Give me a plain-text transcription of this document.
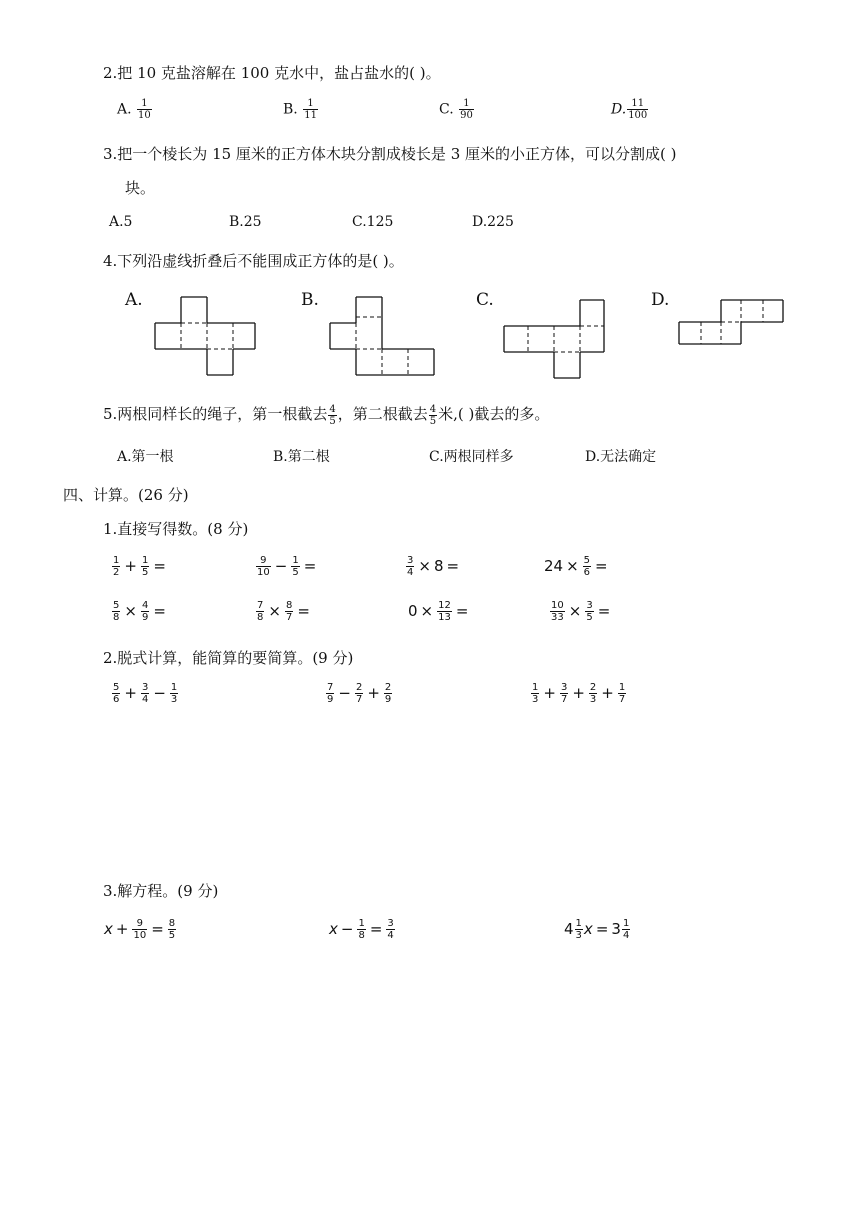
2.把 10 克盐溶解在 100 克水中，盐占盐水的( )。
A. $\frac{1}{10}$	B. $\frac{1}{11}$	C. $\frac{1}{90}$	D. $\frac{11}{100}$
3.把一个棱长为 15 厘米的正方体木块分割成棱长是 3 厘米的小正方体，可以分割成( )
块。
A.5	B.25	C.125	D.225
4.下列沿虚线折叠后不能围成正方体的是( )。
A.	B.	C.	D.
5.两根同样长的绳子，第一根截去 $\frac{4}{5}$ ，第二根截去 $\frac{4}{5}$ 米,( )截去的多。
A.第一根	B.第二根	C.两根同样多	D.无法确定
四、计算。(26 分)
1.直接写得数。(8 分)
$\frac{1}{2} + \frac{1}{5}$ =	$\frac{9}{10} - \frac{1}{5}$ =	$\frac{3}{4} \times 8$ =	$24 \times \frac{5}{6}$ =
$\frac{5}{8} \times \frac{4}{9}$ =	$\frac{7}{8} \times \frac{8}{7}$ =	$0 \times \frac{12}{13}$ =	$\frac{10}{33} \times \frac{3}{5}$ =
2.脱式计算，能简算的要简算。(9 分)
$\frac{5}{6} + \frac{3}{4} - \frac{1}{3}$	$\frac{7}{9} - \frac{2}{7} + \frac{2}{9}$	$\frac{1}{3} + \frac{3}{7} + \frac{2}{3} + \frac{1}{7}$
3.解方程。(9 分)
$x + \frac{9}{10} = \frac{8}{5}$	$x - \frac{1}{8} = \frac{3}{4}$	$4 \frac{1}{3}$ $x = 3 \frac{1}{4}$
